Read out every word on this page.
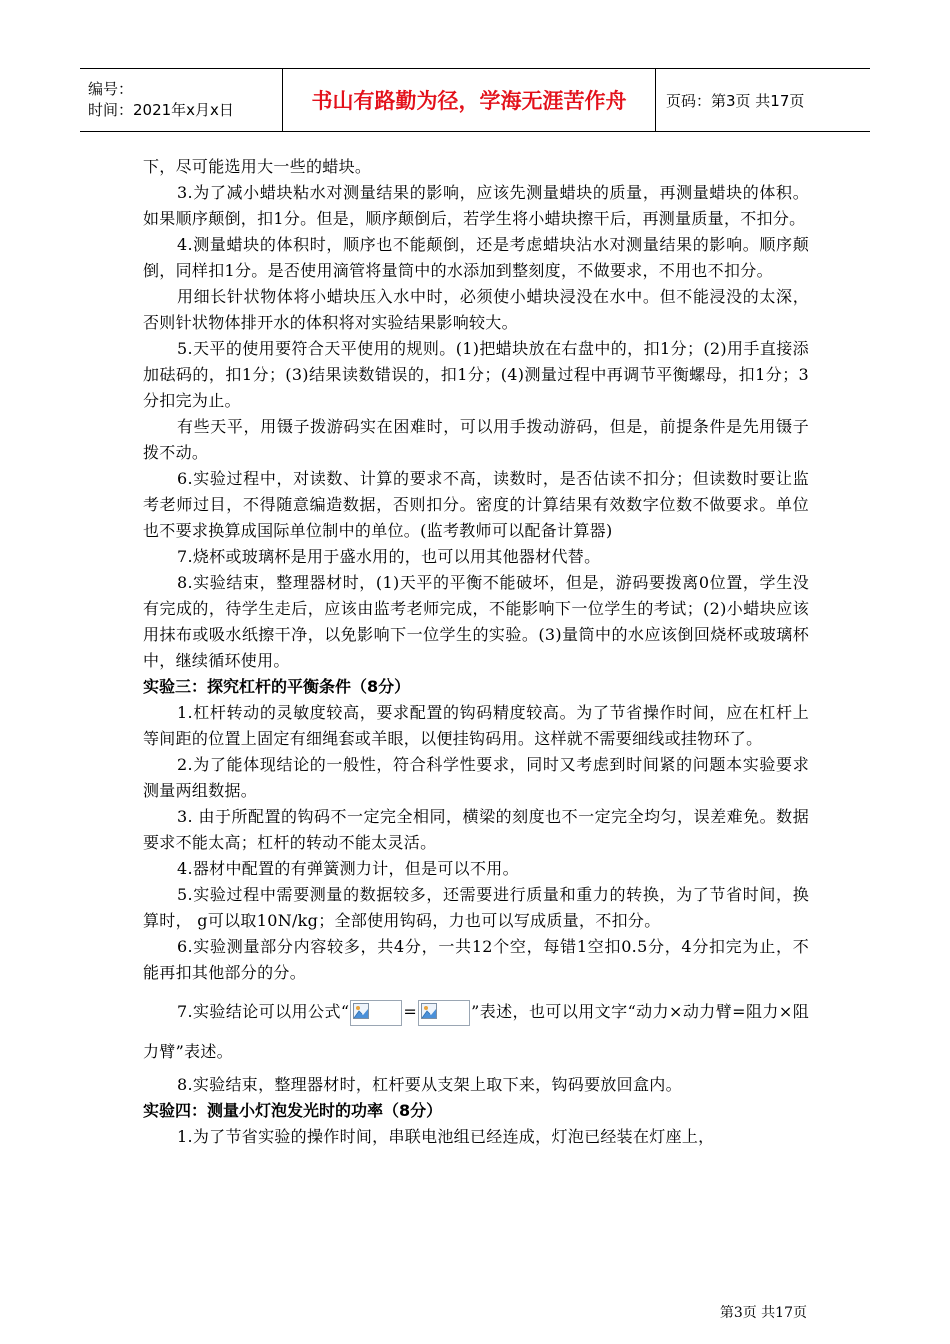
编号：
时间：2021年x月x日	书山有路勤为径，学海无涯苦作舟	页码：第3页 共17页

下，尽可能选用大一些的蜡块。

3.为了减小蜡块粘水对测量结果的影响，应该先测量蜡块的质量，再测量蜡块的体积。如果顺序颠倒，扣1分。但是，顺序颠倒后，若学生将小蜡块擦干后，再测量质量，不扣分。

4.测量蜡块的体积时，顺序也不能颠倒，还是考虑蜡块沾水对测量结果的影响。顺序颠倒，同样扣1分。是否使用滴管将量筒中的水添加到整刻度，不做要求，不用也不扣分。

用细长针状物体将小蜡块压入水中时，必须使小蜡块浸没在水中。但不能浸没的太深，否则针状物体排开水的体积将对实验结果影响较大。

5.天平的使用要符合天平使用的规则。(1)把蜡块放在右盘中的，扣1分；(2)用手直接添加砝码的，扣1分；(3)结果读数错误的，扣1分；(4)测量过程中再调节平衡螺母，扣1分；3分扣完为止。

有些天平，用镊子拨游码实在困难时，可以用手拨动游码，但是，前提条件是先用镊子拨不动。

6.实验过程中，对读数、计算的要求不高，读数时，是否估读不扣分；但读数时要让监考老师过目，不得随意编造数据，否则扣分。密度的计算结果有效数字位数不做要求。单位也不要求换算成国际单位制中的单位。(监考教师可以配备计算器)

7.烧杯或玻璃杯是用于盛水用的，也可以用其他器材代替。

8.实验结束，整理器材时，(1)天平的平衡不能破坏，但是，游码要拨离0位置，学生没有完成的，待学生走后，应该由监考老师完成，不能影响下一位学生的考试；(2)小蜡块应该用抹布或吸水纸擦干净，以免影响下一位学生的实验。(3)量筒中的水应该倒回烧杯或玻璃杯中，继续循环使用。

实验三：探究杠杆的平衡条件（8分）

1.杠杆转动的灵敏度较高，要求配置的钩码精度较高。为了节省操作时间，应在杠杆上等间距的位置上固定有细绳套或羊眼，以便挂钩码用。这样就不需要细线或挂物环了。

2.为了能体现结论的一般性，符合科学性要求，同时又考虑到时间紧的问题本实验要求测量两组数据。

3. 由于所配置的钩码不一定完全相同，横梁的刻度也不一定完全均匀，误差难免。数据要求不能太高；杠杆的转动不能太灵活。

4.器材中配置的有弹簧测力计，但是可以不用。

5.实验过程中需要测量的数据较多，还需要进行质量和重力的转换，为了节省时间，换算时， g可以取10N/kg；全部使用钩码，力也可以写成质量，不扣分。

6.实验测量部分内容较多，共4分，一共12个空，每错1空扣0.5分，4分扣完为止，不能再扣其他部分的分。

7.实验结论可以用公式“	=	”表述，也可以用文字“动力×动力臂=阻力×阻力臂”表述。

8.实验结束，整理器材时，杠杆要从支架上取下来，钩码要放回盒内。

实验四：测量小灯泡发光时的功率（8分）

1.为了节省实验的操作时间，串联电池组已经连成，灯泡已经装在灯座上，

第3页 共17页
